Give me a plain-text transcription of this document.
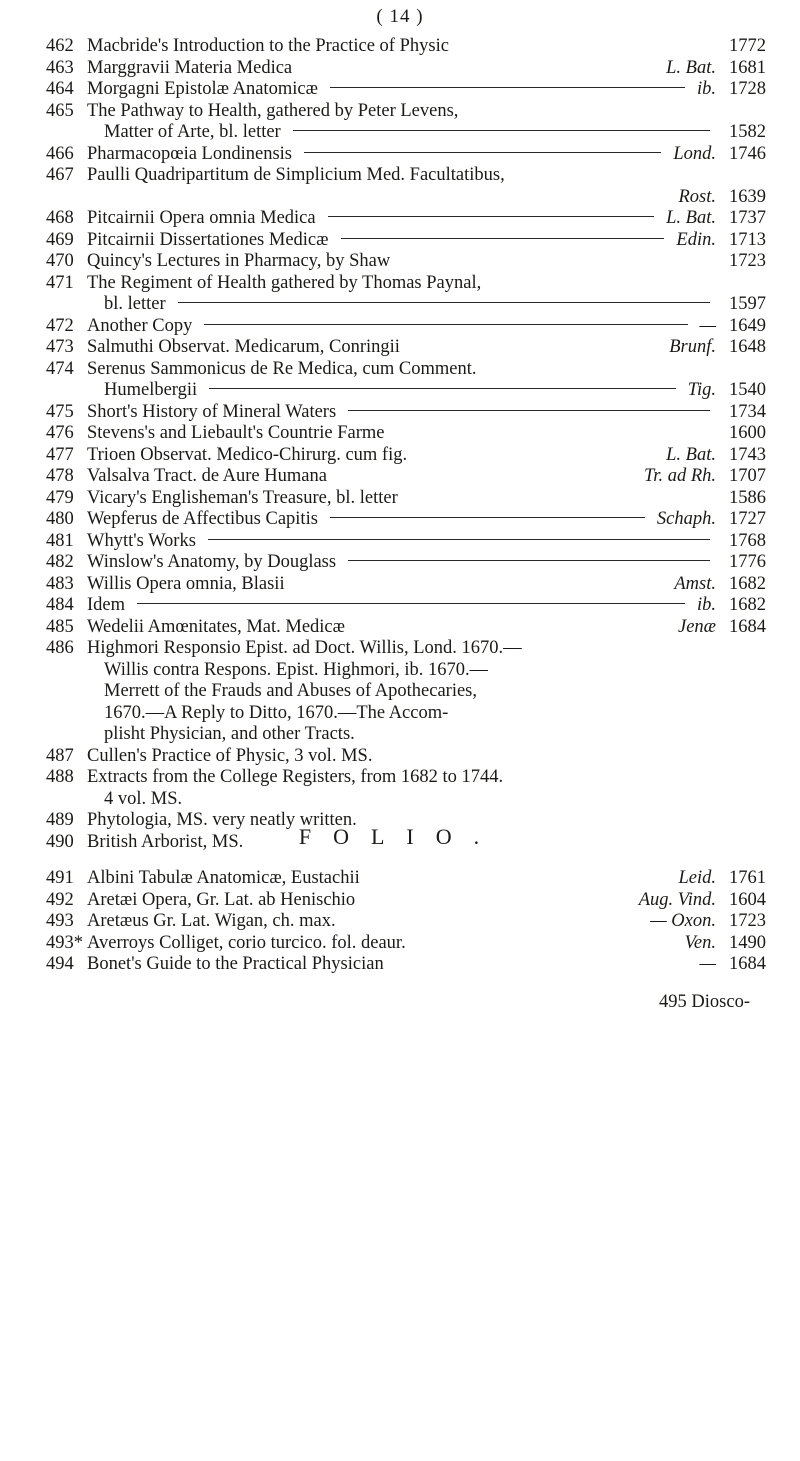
( 14 )
462 Macbride's Introduction to the Practice of Physic	1772
463 Marggravii Materia Medica	L. Bat. 1681
464 Morgagni Epistolæ Anatomicæ	ib. 1728
465 The Pathway to Health, gathered by Peter Levens,
Matter of Arte, bl. letter	1582
466 Pharmacopœia Londinensis	Lond. 1746
467 Paulli Quadripartitum de Simplicium Med. Facultatibus,
Rost. 1639
468 Pitcairnii Opera omnia Medica	L. Bat. 1737
469 Pitcairnii Dissertationes Medicæ	Edin. 1713
470 Quincy's Lectures in Pharmacy, by Shaw	1723
471 The Regiment of Health gathered by Thomas Paynal,
bl. letter	1597
472 Another Copy	— 1649
473 Salmuthi Observat. Medicarum, Conringii	Brunf. 1648
474 Serenus Sammonicus de Re Medica, cum Comment.
Humelbergii	Tig. 1540
475 Short's History of Mineral Waters	1734
476 Stevens's and Liebault's Countrie Farme	1600
477 Trioen Observat. Medico-Chirurg. cum fig.	L. Bat. 1743
478 Valsalva Tract. de Aure Humana	Tr. ad Rh. 1707
479 Vicary's Englisheman's Treasure, bl. letter	1586
480 Wepferus de Affectibus Capitis	Schaph. 1727
481 Whytt's Works	1768
482 Winslow's Anatomy, by Douglass	1776
483 Willis Opera omnia, Blasii	Amst. 1682
484 Idem	ib. 1682
485 Wedelii Amœnitates, Mat. Medicæ	Jenæ 1684
486 Highmori Responsio Epist. ad Doct. Willis, Lond. 1670.—
Willis contra Respons. Epist. Highmori, ib. 1670.—
Merrett of the Frauds and Abuses of Apothecaries,
1670.—A Reply to Ditto, 1670.—The Accom-
plisht Physician, and other Tracts.
487 Cullen's Practice of Physic, 3 vol. MS.
488 Extracts from the College Registers, from 1682 to 1744.
4 vol. MS.
489 Phytologia, MS. very neatly written.
490 British Arborist, MS.	FOLIO.
491 Albini Tabulæ Anatomicæ, Eustachii	Leid. 1761
492 Aretæi Opera, Gr. Lat. ab Henischio	Aug. Vind. 1604
493 Aretæus Gr. Lat. Wigan, ch. max.	— Oxon. 1723
493* Averroys Colliget, corio turcico. fol. deaur.	Ven. 1490
494 Bonet's Guide to the Practical Physician	— 1684
495 Dioscο-
